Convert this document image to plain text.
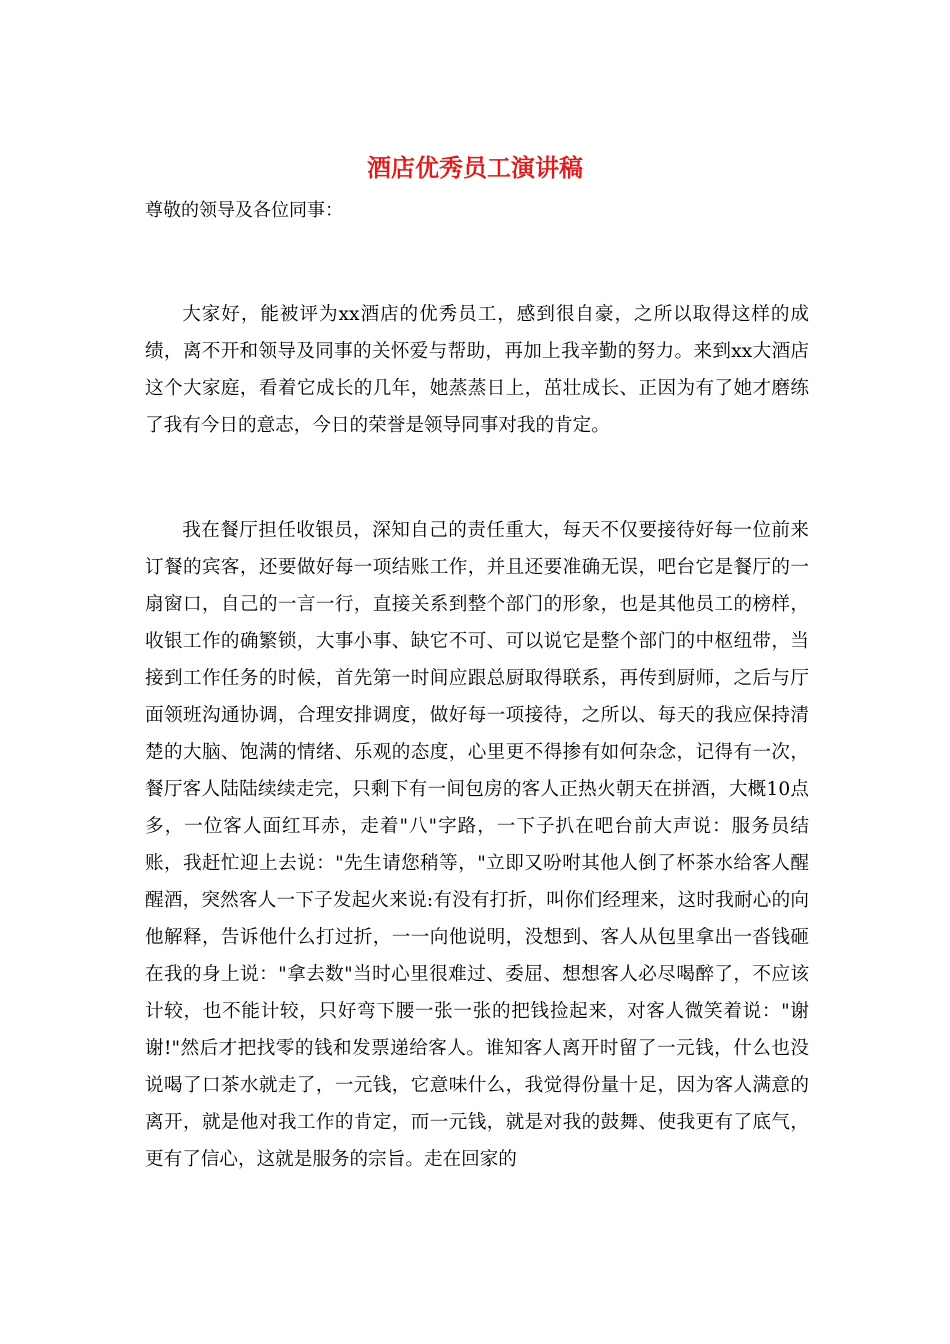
酒店优秀员工演讲稿
尊敬的领导及各位同事：

大家好，能被评为xx酒店的优秀员工，感到很自豪，之所以取得这样的成绩，离不开和领导及同事的关怀爱与帮助，再加上我辛勤的努力。来到xx大酒店这个大家庭，看着它成长的几年，她蒸蒸日上，茁壮成长、正因为有了她才磨练了我有今日的意志，今日的荣誉是领导同事对我的肯定。

我在餐厅担任收银员，深知自己的责任重大，每天不仅要接待好每一位前来订餐的宾客，还要做好每一项结账工作，并且还要准确无误，吧台它是餐厅的一扇窗口，自己的一言一行，直接关系到整个部门的形象，也是其他员工的榜样，收银工作的确繁锁，大事小事、缺它不可、可以说它是整个部门的中枢纽带，当接到工作任务的时候，首先第一时间应跟总厨取得联系，再传到厨师，之后与厅面领班沟通协调，合理安排调度，做好每一项接待，之所以、每天的我应保持清楚的大脑、饱满的情绪、乐观的态度，心里更不得掺有如何杂念，记得有一次，餐厅客人陆陆续续走完，只剩下有一间包房的客人正热火朝天在拼酒，大概10点多，一位客人面红耳赤，走着"八"字路，一下子扒在吧台前大声说：服务员结账，我赶忙迎上去说："先生请您稍等，"立即又吩咐其他人倒了杯茶水给客人醒醒酒，突然客人一下子发起火来说:有没有打折，叫你们经理来，这时我耐心的向他解释，告诉他什么打过折，一一向他说明，没想到、客人从包里拿出一沓钱砸在我的身上说："拿去数"当时心里很难过、委屈、想想客人必尽喝醉了，不应该计较，也不能计较，只好弯下腰一张一张的把钱捡起来，对客人微笑着说："谢谢!"然后才把找零的钱和发票递给客人。谁知客人离开时留了一元钱，什么也没说喝了口茶水就走了，一元钱，它意味什么，我觉得份量十足，因为客人满意的离开，就是他对我工作的肯定，而一元钱，就是对我的鼓舞、使我更有了底气，更有了信心，这就是服务的宗旨。走在回家的
